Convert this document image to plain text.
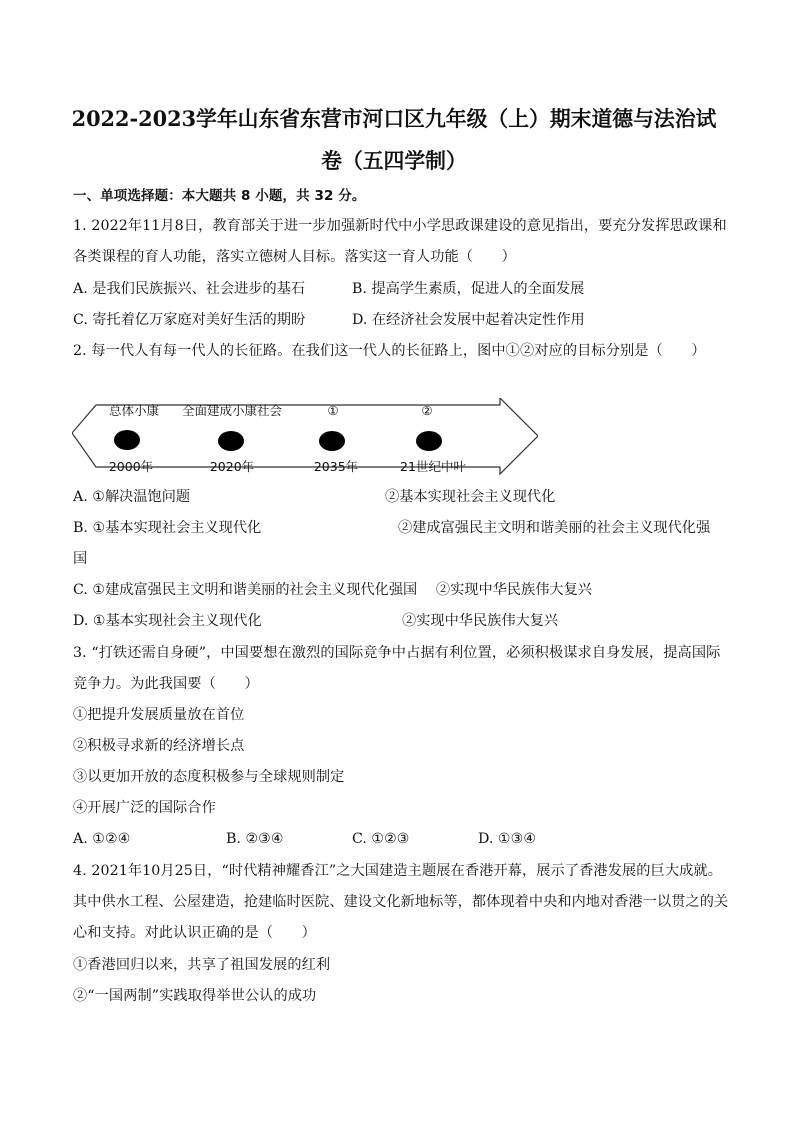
2022-2023学年山东省东营市河口区九年级（上）期末道德与法治试
卷（五四学制）
一、单项选择题：本大题共 8 小题，共 32 分。
1. 2022年11月8日，教育部关于进一步加强新时代中小学思政课建设的意见指出，要充分发挥思政课和
各类课程的育人功能，落实立德树人目标。落实这一育人功能（　　）
A. 是我们民族振兴、社会进步的基石	B. 提高学生素质，促进人的全面发展
C. 寄托着亿万家庭对美好生活的期盼	D. 在经济社会发展中起着决定性作用
2. 每一代人有每一代人的长征路。在我们这一代人的长征路上，图中①②对应的目标分别是（　　）
总体小康 全面建成小康社会	①	②
2000年	2020年	2035年	21世纪中叶
A. ①解决温饱问题	②基本实现社会主义现代化
B. ①基本实现社会主义现代化	②建成富强民主文明和谐美丽的社会主义现代化强
国
C. ①建成富强民主文明和谐美丽的社会主义现代化强国　 ②实现中华民族伟大复兴
D. ①基本实现社会主义现代化	②实现中华民族伟大复兴
3. “打铁还需自身硬”，中国要想在激烈的国际竞争中占据有利位置，必须积极谋求自身发展，提高国际
竞争力。为此我国要（　　）
①把提升发展质量放在首位
②积极寻求新的经济增长点
③以更加开放的态度积极参与全球规则制定
④开展广泛的国际合作
A. ①②④	B. ②③④	C. ①②③	D. ①③④
4. 2021年10月25日，“时代精神耀香江”之大国建造主题展在香港开幕，展示了香港发展的巨大成就。
其中供水工程、公屋建造，抢建临时医院、建设文化新地标等，都体现着中央和内地对香港一以贯之的关
心和支持。对此认识正确的是（　　）
①香港回归以来，共享了祖国发展的红利
②“一国两制”实践取得举世公认的成功
